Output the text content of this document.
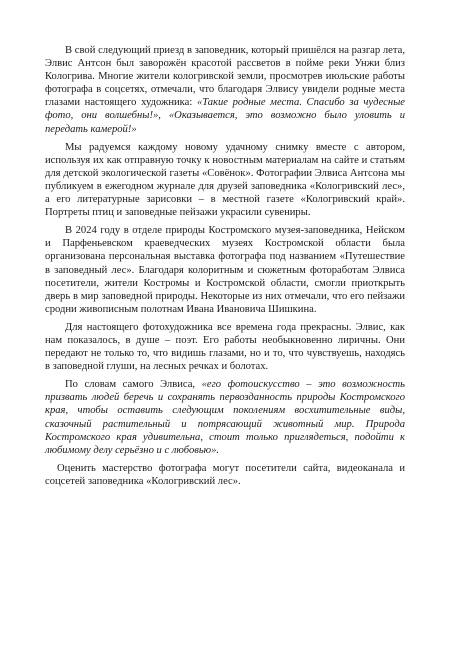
В свой следующий приезд в заповедник, который пришёлся на разгар лета, Элвис Антсон был заворожён красотой рассветов в пойме реки Унжи близ Кологрива. Многие жители кологривской земли, просмотрев июльские работы фотографа в соцсетях, отмечали, что благодаря Элвису увидели родные места глазами настоящего художника: «Такие родные места. Спасибо за чудесные фото, они волшебны!», «Оказывается, это возможно было уловить и передать камерой!»

Мы радуемся каждому новому удачному снимку вместе с автором, используя их как отправную точку к новостным материалам на сайте и статьям для детской экологической газеты «Совёнок». Фотографии Элвиса Антсона мы публикуем в ежегодном журнале для друзей заповедника «Кологривский лес», а его литературные зарисовки – в местной газете «Кологривский край». Портреты птиц и заповедные пейзажи украсили сувениры.

В 2024 году в отделе природы Костромского музея-заповедника, Нейском и Парфеньевском краеведческих музеях Костромской области была организована персональная выставка фотографа под названием «Путешествие в заповедный лес». Благодаря колоритным и сюжетным фотоработам Элвиса посетители, жители Костромы и Костромской области, смогли приоткрыть дверь в мир заповедной природы. Некоторые из них отмечали, что его пейзажи сродни живописным полотнам Ивана Ивановича Шишкина.

Для настоящего фотохудожника все времена года прекрасны. Элвис, как нам показалось, в душе – поэт. Его работы необыкновенно лиричны. Они передают не только то, что видишь глазами, но и то, что чувствуешь, находясь в заповедной глуши, на лесных речках и болотах.

По словам самого Элвиса, «его фотоискусство – это возможность призвать людей беречь и сохранять первозданность природы Костромского края, чтобы оставить следующим поколениям восхитительные виды, сказочный растительный и потрясающий животный мир. Природа Костромского края удивительна, стоит только приглядеться, подойти к любимому делу серьёзно и с любовью».

Оценить мастерство фотографа могут посетители сайта, видеоканала и соцсетей заповедника «Кологривский лес».
